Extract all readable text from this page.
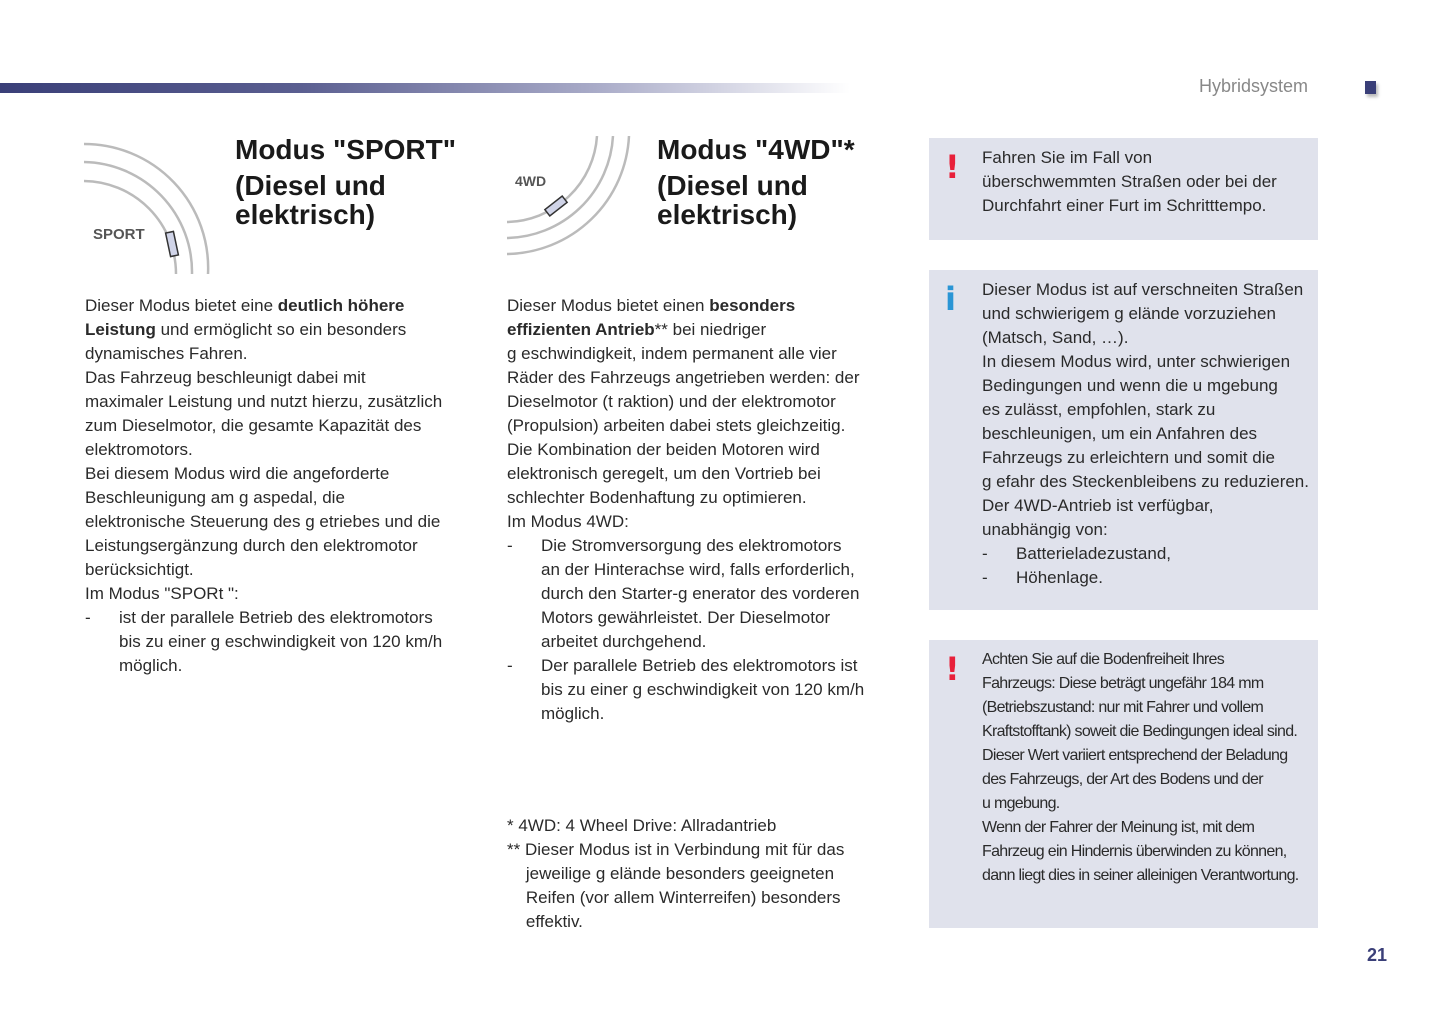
Hybridsystem
SPORT
4WD
Modus "SPORT"
(Diesel und
elektrisch)
Modus "4WD"*
(Diesel und
elektrisch)
Dieser Modus bietet eine deutlich höhere
Leistung und ermöglicht so ein besonders
dynamisches Fahren.
Das Fahrzeug beschleunigt dabei mit
maximaler Leistung und nutzt hierzu, zusätzlich
zum Dieselmotor, die gesamte Kapazität des
elektromotors.
Bei diesem Modus wird die angeforderte
Beschleunigung am g aspedal, die
elektronische Steuerung des g etriebes und die
Leistungsergänzung durch den elektromotor
berücksichtigt.
Im Modus "SPORt ":
- ist der parallele Betrieb des elektromotors
bis zu einer g eschwindigkeit von 120 km/h
möglich.
Dieser Modus bietet einen besonders
effizienten Antrieb** bei niedriger
g eschwindigkeit, indem permanent alle vier
Räder des Fahrzeugs angetrieben werden: der
Dieselmotor (t raktion) und der elektromotor
(Propulsion) arbeiten dabei stets gleichzeitig.
Die Kombination der beiden Motoren wird
elektronisch geregelt, um den Vortrieb bei
schlechter Bodenhaftung zu optimieren.
Im Modus 4WD:
- Die Stromversorgung des elektromotors
an der Hinterachse wird, falls erforderlich,
durch den Starter-g enerator des vorderen
Motors gewährleistet. Der Dieselmotor
arbeitet durchgehend.
- Der parallele Betrieb des elektromotors ist
bis zu einer g eschwindigkeit von 120 km/h
möglich.
* 4WD: 4 Wheel Drive: Allradantrieb
** Dieser Modus ist in Verbindung mit für das
jeweilige g elände besonders geeigneten
Reifen (vor allem Winterreifen) besonders
effektiv.
! Fahren Sie im Fall von
überschwemmten Straßen oder bei der
Durchfahrt einer Furt im Schritttempo.
i Dieser Modus ist auf verschneiten Straßen
und schwierigem g elände vorzuziehen
(Matsch, Sand, …).
In diesem Modus wird, unter schwierigen
Bedingungen und wenn die u mgebung
es zulässt, empfohlen, stark zu
beschleunigen, um ein Anfahren des
Fahrzeugs zu erleichtern und somit die
g efahr des Steckenbleibens zu reduzieren.
Der 4WD-Antrieb ist verfügbar,
unabhängig von:
- Batterieladezustand,
- Höhenlage.
! Achten Sie auf die Bodenfreiheit Ihres
Fahrzeugs: Diese beträgt ungefähr 184 mm
(Betriebszustand: nur mit Fahrer und vollem
Kraftstofftank) soweit die Bedingungen ideal sind.
Dieser Wert variiert entsprechend der Beladung
des Fahrzeugs, der Art des Bodens und der
u mgebung.
Wenn der Fahrer der Meinung ist, mit dem
Fahrzeug ein Hindernis überwinden zu können,
dann liegt dies in seiner alleinigen Verantwortung.
21
